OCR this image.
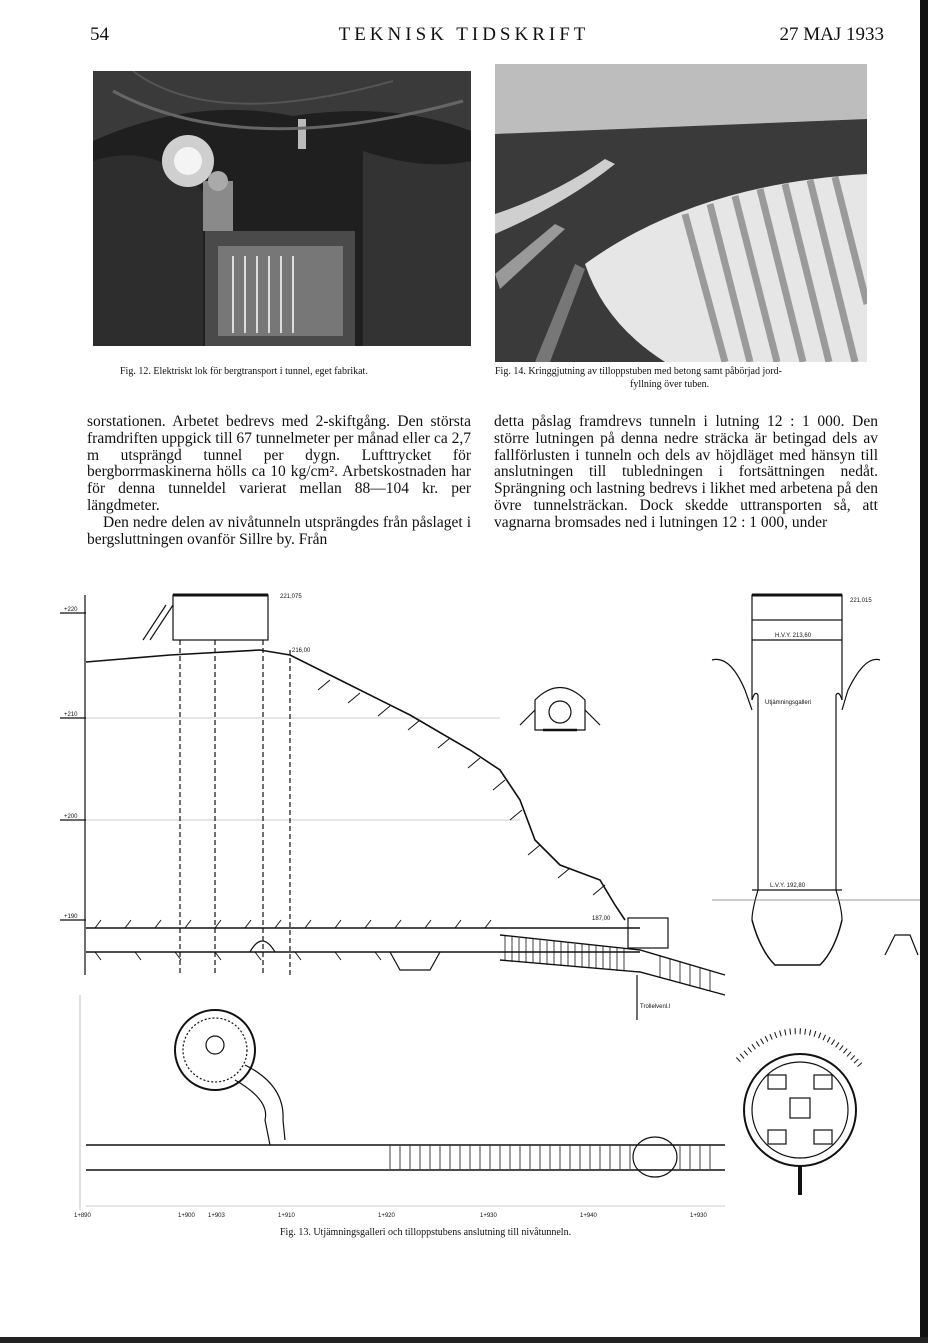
54	TEKNISK TIDSKRIFT	27 MAJ 1933
Fig. 12. Elektriskt lok för bergtransport i tunnel, eget fabrikat.	Fig. 14. Kringgjutning av tilloppstuben med betong samt påbörjad jord-
fyllning över tuben.

sorstationen. Arbetet bedrevs med 2-skiftgång. Den största framdriften uppgick till 67 tunnelmeter per månad eller ca 2,7 m utsprängd tunnel per dygn. Lufttrycket för bergborrmaskinerna hölls ca 10 kg/cm². Arbetskostnaden har för denna tunneldel varierat mellan 88—104 kr. per längdmeter.

Den nedre delen av nivåtunneln utsprängdes från påslaget i bergsluttningen ovanför Sillre by. Från

detta påslag framdrevs tunneln i lutning 12 : 1 000. Den större lutningen på denna nedre sträcka är betingad dels av fallförlusten i tunneln och dels av höjdläget med hänsyn till anslutningen till tubledningen i fortsättningen nedåt. Sprängning och lastning bedrevs i likhet med arbetena på den övre tunnelsträckan. Dock skedde uttransporten så, att vagnarna bromsades ned i lutningen 12 : 1 000, under

+220
+210
+200
+190
221,075
216,00
187,00
221,015
H.V.Y. 213,60
L.V.Y. 192,80
Utjämningsgalleri
Trollelvenl.l
1+890	1+900 1+903	1+910	1+920	1+930	1+940	1+930
Fig. 13. Utjämningsgalleri och tilloppstubens anslutning till nivåtunneln.
